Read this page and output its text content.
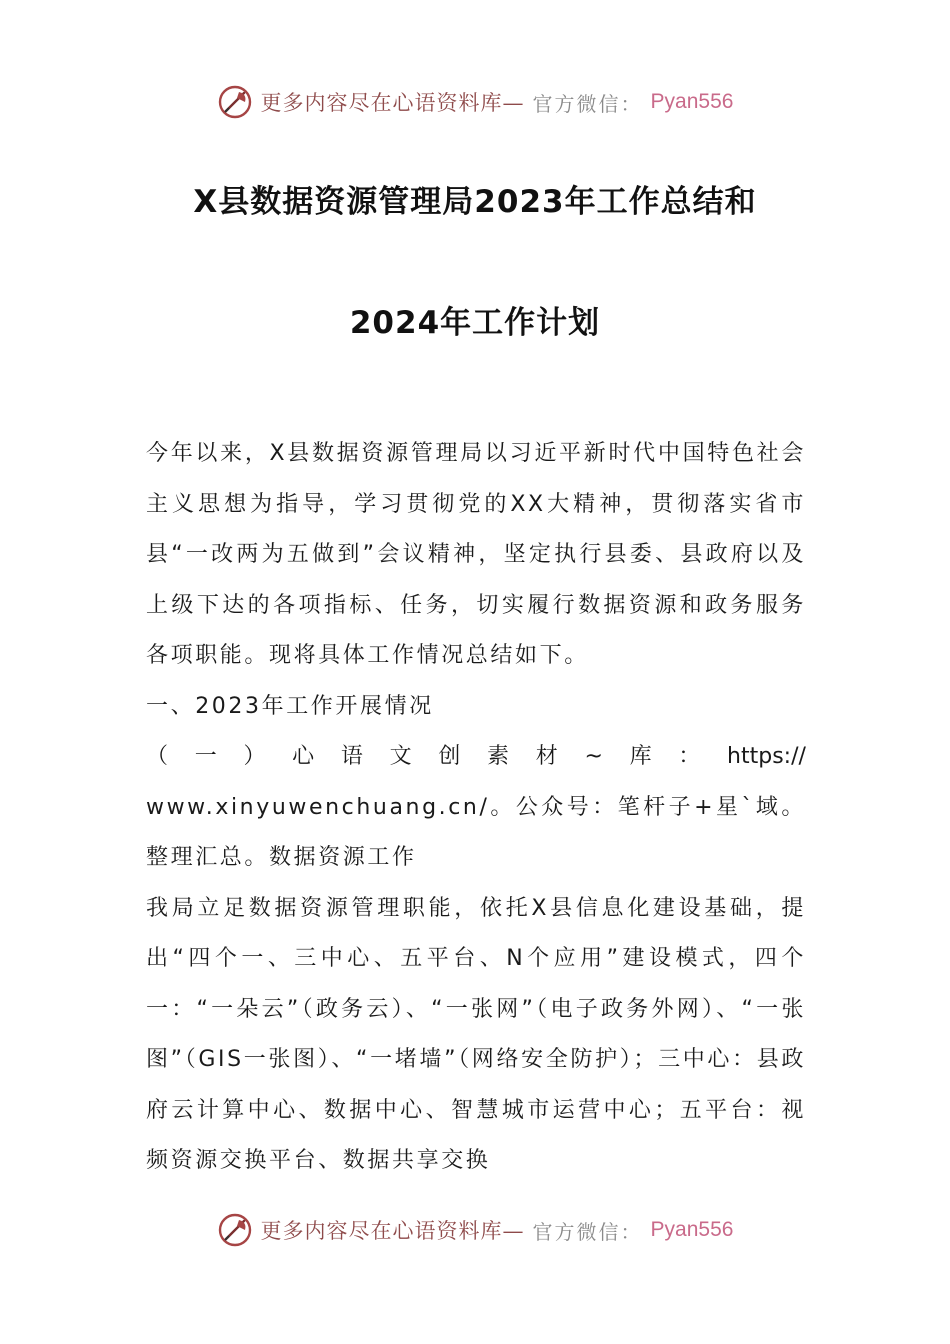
更多内容尽在心语资料库— 官方微信： Pyan556
X县数据资源管理局2023年工作总结和
2024年工作计划

今年以来，X县数据资源管理局以习近平新时代中国特色社会主义思想为指导，学习贯彻党的XX大精神，贯彻落实省市县“一改两为五做到”会议精神，坚定执行县委、县政府以及上级下达的各项指标、任务，切实履行数据资源和政务服务各项职能。现将具体工作情况总结如下。

一、2023年工作开展情况

（ 一 ） 心 语 文 创 素 材 ~ 库 ： https://

www.xinyuwenchuang.cn/。公众号：笔杆子+星`域。整理汇总。数据资源工作

我局立足数据资源管理职能，依托X县信息化建设基础，提出“四个一、三中心、五平台、N个应用”建设模式，四个一：“一朵云”（政务云）、“一张网”（电子政务外网）、“一张图”（GIS一张图）、“一堵墙”（网络安全防护）；三中心：县政府云计算中心、数据中心、智慧城市运营中心；五平台：视频资源交换平台、数据共享交换

更多内容尽在心语资料库— 官方微信： Pyan556
